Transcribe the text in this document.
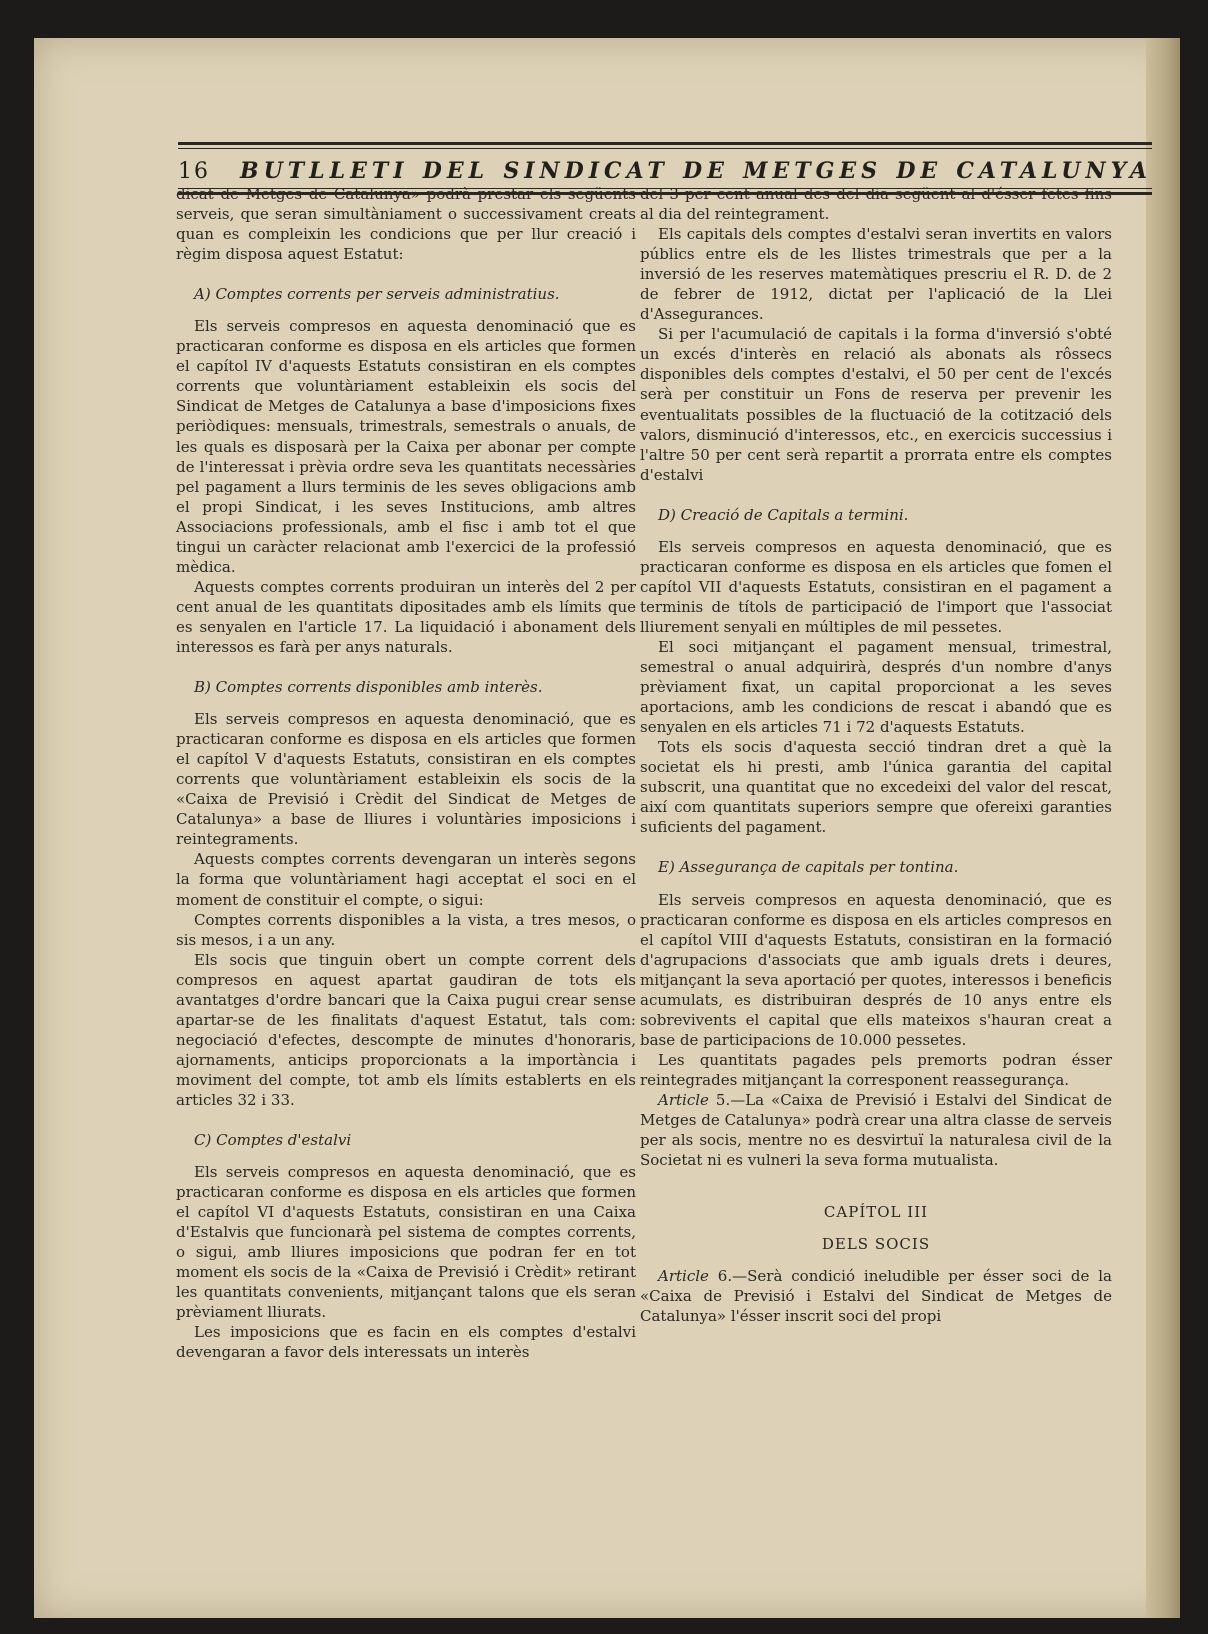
16 BUTLLETI DEL SINDICAT DE METGES DE CATALUNYA

dicat de Metges de Catalunya» podrà prestar els següents serveis, que seran simultàniament o successivament creats quan es compleixin les condicions que per llur creació i règim disposa aquest Estatut:

A) Comptes corrents per serveis administratius.

Els serveis compresos en aquesta denominació que es practicaran conforme es disposa en els articles que formen el capítol IV d'aquests Estatuts consistiran en els comptes corrents que voluntàriament estableixin els socis del Sindicat de Metges de Catalunya a base d'imposicions fixes periòdiques: mensuals, trimestrals, semestrals o anuals, de les quals es disposarà per la Caixa per abonar per compte de l'interessat i prèvia ordre seva les quantitats necessàries pel pagament a llurs terminis de les seves obligacions amb el propi Sindicat, i les seves Institucions, amb altres Associacions professionals, amb el fisc i amb tot el que tingui un caràcter relacionat amb l'exercici de la professió mèdica.

Aquests comptes corrents produiran un interès del 2 per cent anual de les quantitats dipositades amb els límits que es senyalen en l'article 17. La liquidació i abonament dels interessos es farà per anys naturals.

B) Comptes corrents disponibles amb interès.

Els serveis compresos en aquesta denominació, que es practicaran conforme es disposa en els articles que formen el capítol V d'aquests Estatuts, consistiran en els comptes corrents que voluntàriament estableixin els socis de la «Caixa de Previsió i Crèdit del Sindicat de Metges de Catalunya» a base de lliures i voluntàries imposicions i reintegraments.

Aquests comptes corrents devengaran un interès segons la forma que voluntàriament hagi acceptat el soci en el moment de constituir el compte, o sigui:

Comptes corrents disponibles a la vista, a tres mesos, o sis mesos, i a un any.

Els socis que tinguin obert un compte corrent dels compresos en aquest apartat gaudiran de tots els avantatges d'ordre bancari que la Caixa pugui crear sense apartar-se de les finalitats d'aquest Estatut, tals com: negociació d'efectes, descompte de minutes d'honoraris, ajornaments, anticips proporcionats a la importància i moviment del compte, tot amb els límits establerts en els articles 32 i 33.

C) Comptes d'estalvi

Els serveis compresos en aquesta denominació, que es practicaran conforme es disposa en els articles que formen el capítol VI d'aquests Estatuts, consistiran en una Caixa d'Estalvis que funcionarà pel sistema de comptes corrents, o sigui, amb lliures imposicions que podran fer en tot moment els socis de la «Caixa de Previsió i Crèdit» retirant les quantitats convenients, mitjançant talons que els seran prèviament lliurats.

Les imposicions que es facin en els comptes d'estalvi devengaran a favor dels interessats un interès

del 3 per cent anual des del dia següent al d'ésser fetes fins al dia del reintegrament.

Els capitals dels comptes d'estalvi seran invertits en valors públics entre els de les llistes trimestrals que per a la inversió de les reserves matemàtiques prescriu el R. D. de 2 de febrer de 1912, dictat per l'aplicació de la Llei d'Assegurances.

Si per l'acumulació de capitals i la forma d'inversió s'obté un excés d'interès en relació als abonats als rôssecs disponibles dels comptes d'estalvi, el 50 per cent de l'excés serà per constituir un Fons de reserva per prevenir les eventualitats possibles de la fluctuació de la cotització dels valors, disminució d'interessos, etc., en exercicis successius i l'altre 50 per cent serà repartit a prorrata entre els comptes d'estalvi

D) Creació de Capitals a termini.

Els serveis compresos en aquesta denominació, que es practicaran conforme es disposa en els articles que fomen el capítol VII d'aquests Estatuts, consistiran en el pagament a terminis de títols de participació de l'import que l'associat lliurement senyali en múltiples de mil pessetes.

El soci mitjançant el pagament mensual, trimestral, semestral o anual adquirirà, després d'un nombre d'anys prèviament fixat, un capital proporcionat a les seves aportacions, amb les condicions de rescat i abandó que es senyalen en els articles 71 i 72 d'aquests Estatuts.

Tots els socis d'aquesta secció tindran dret a què la societat els hi presti, amb l'única garantia del capital subscrit, una quantitat que no excedeixi del valor del rescat, així com quantitats superiors sempre que ofereixi garanties suficients del pagament.

E) Assegurança de capitals per tontina.

Els serveis compresos en aquesta denominació, que es practicaran conforme es disposa en els articles compresos en el capítol VIII d'aquests Estatuts, consistiran en la formació d'agrupacions d'associats que amb iguals drets i deures, mitjançant la seva aportació per quotes, interessos i beneficis acumulats, es distribuiran després de 10 anys entre els sobrevivents el capital que ells mateixos s'hauran creat a base de participacions de 10.000 pessetes.

Les quantitats pagades pels premorts podran ésser reintegrades mitjançant la corresponent reassegurança.

Article 5.—La «Caixa de Previsió i Estalvi del Sindicat de Metges de Catalunya» podrà crear una altra classe de serveis per als socis, mentre no es desvirtuï la naturalesa civil de la Societat ni es vulneri la seva forma mutualista.

CAPÍTOL III
DELS SOCIS

Article 6.—Serà condició ineludible per ésser soci de la «Caixa de Previsió i Estalvi del Sindicat de Metges de Catalunya» l'ésser inscrit soci del propi
